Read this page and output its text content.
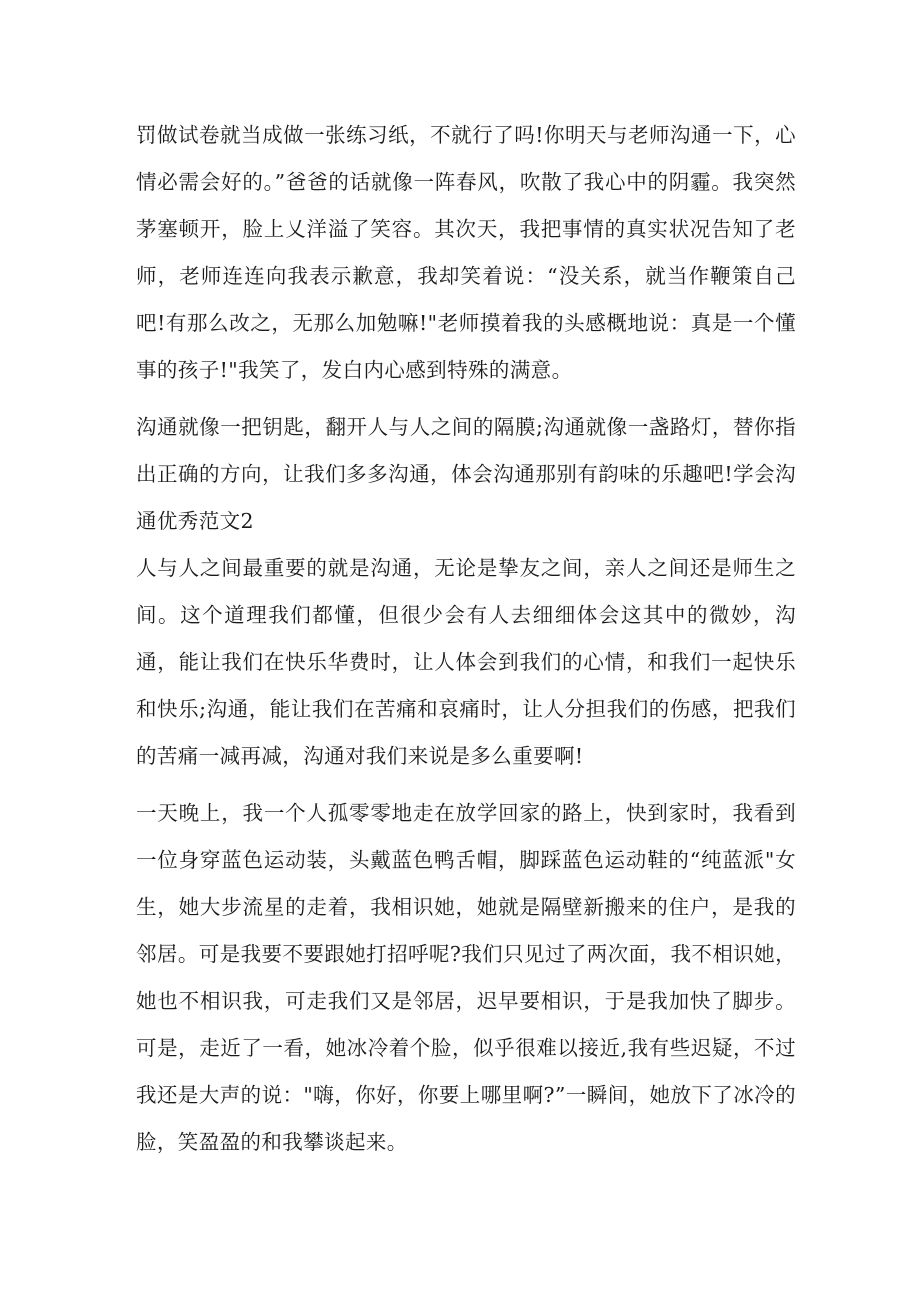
罚做试卷就当成做一张练习纸，不就行了吗!你明天与老师沟通一下，心情必需会好的。”爸爸的话就像一阵春风，吹散了我心中的阴霾。我突然茅塞顿开，脸上乂洋溢了笑容。其次天，我把事情的真实状况告知了老师，老师连连向我表示歉意，我却笑着说：“没关系，就当作鞭策自己吧!有那么改之，无那么加勉嘛!"老师摸着我的头感概地说：真是一个懂事的孩子!"我笑了，发白内心感到特殊的满意。

沟通就像一把钥匙，翻开人与人之间的隔膜;沟通就像一盏路灯，替你指出正确的方向，让我们多多沟通，体会沟通那别有韵味的乐趣吧!学会沟通优秀范文2

人与人之间最重要的就是沟通，无论是挚友之间，亲人之间还是师生之间。这个道理我们都懂，但很少会有人去细细体会这其中的微妙，沟通，能让我们在快乐华费时，让人体会到我们的心情，和我们一起快乐和快乐;沟通，能让我们在苦痛和哀痛时，让人分担我们的伤感，把我们的苦痛一减再减，沟通对我们来说是多么重要啊!

一天晚上，我一个人孤零零地走在放学回家的路上，快到家时，我看到一位身穿蓝色运动装，头戴蓝色鸭舌帽，脚踩蓝色运动鞋的“纯蓝派"女生，她大步流星的走着，我相识她，她就是隔壁新搬来的住户，是我的邻居。可是我要不要跟她打招呼呢?我们只见过了两次面，我不相识她，她也不相识我，可走我们又是邻居，迟早要相识，于是我加快了脚步。可是，走近了一看，她冰冷着个脸，似乎很难以接近,我有些迟疑，不过我还是大声的说："嗨，你好，你要上哪里啊?”一瞬间，她放下了冰冷的脸，笑盈盈的和我攀谈起来。
